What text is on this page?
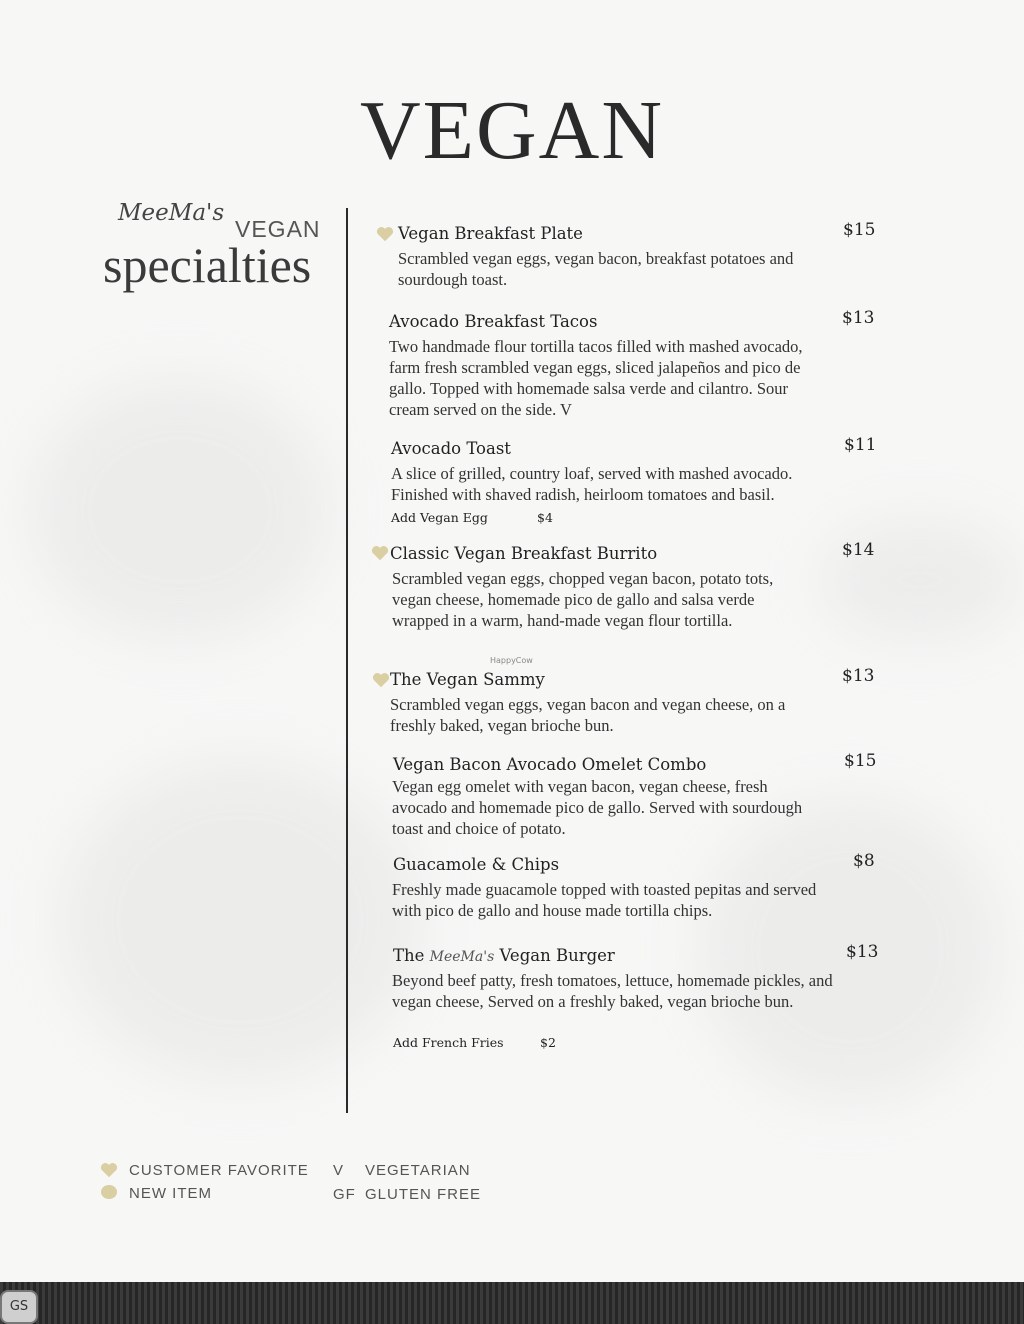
VEGAN
MeeMa's
VEGAN
specialties
Vegan Breakfast Plate	$15
Scrambled vegan eggs, vegan bacon, breakfast potatoes and sourdough toast.
Avocado Breakfast Tacos	$13
Two handmade flour tortilla tacos filled with mashed avocado, farm fresh scrambled vegan eggs, sliced jalapeños and pico de gallo. Topped with homemade salsa verde and cilantro. Sour cream served on the side. V
Avocado Toast	$11
A slice of grilled, country loaf, served with mashed avocado. Finished with shaved radish, heirloom tomatoes and basil.
Add Vegan Egg	$4
Classic Vegan Breakfast Burrito	$14
Scrambled vegan eggs, chopped vegan bacon, potato tots, vegan cheese, homemade pico de gallo and salsa verde wrapped in a warm, hand-made vegan flour tortilla.
HappyCow
The Vegan Sammy	$13
Scrambled vegan eggs, vegan bacon and vegan cheese, on a freshly baked, vegan brioche bun.
Vegan Bacon Avocado Omelet Combo	$15
Vegan egg omelet with vegan bacon, vegan cheese, fresh avocado and homemade pico de gallo. Served with sourdough toast and choice of potato.
Guacamole & Chips	$8
Freshly made guacamole topped with toasted pepitas and served with pico de gallo and house made tortilla chips.
The MeeMa's Vegan Burger	$13
Beyond beef patty, fresh tomatoes, lettuce, homemade pickles, and vegan cheese, Served on a freshly baked, vegan brioche bun.
Add French Fries	$2
CUSTOMER FAVORITE V VEGETARIAN
NEW ITEM	GF GLUTEN FREE
GS
